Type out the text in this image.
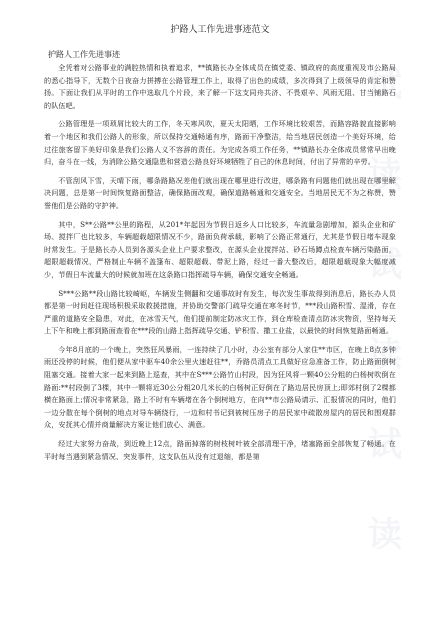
试 读 试 读 试 读
护路人工作先进事迹范文
护路人工作先进事迹

全凭着对公路事业的满腔热情和执着追求，**镇路长办全体成员在镇党委、镇政府的高度重视及市公路局的悉心指导下，无数个日夜奋力拼搏在公路管理工作上，取得了出色的成绩，多次得到了上级领导的肯定和赞扬。下面让我们从平时的工作中选取几个片段，来了解一下这支同舟共济、不畏艰辛、风雨无阻、甘当铺路石的队伍吧。

公路管理是一项琐屑比较大的工作，冬天寒风吹，夏天太阳晒，工作环境比较艰苦，而路容路貌直接影响着一个地区和我们公路人的形象，所以保持交通畅通有序，路面干净整洁，给当地居民创造一个美好环境，给过往旅客留下美好印象是我们公路人义不容辞的责任。为完成各项工作任务，**镇路长办全体成员常常早出晚归，奋斗在一线，为消除公路交通隐患和营造公路良好环境牺牲了自己的休息时间，付出了异常的辛劳。

不管刮风下雪，天晴下雨，哪条路路况差他们就出现在哪里进行改进，哪条路有问题他们就出现在哪里解决问题，总是第一时间恢复路面整洁，确保路面改观，确保道路畅通和交通安全。当地居民无不为之称赞，赞誉他们是公路的守护神。

其中，S**公路**公里的路程，从201*年起因为节假日返乡人口比较多，车流量急剧增加，源头企业和矿场、搅拌厂也比较多，车辆超载超限情况不少，路面负荷承载，影响了公路正常通行，尤其是节假日堵车现象时常发生。于是路长办人员到各源头企业上户要求整改，在源头企业搅拌站、砂石场蹲点检查车辆污染路面，超限超载情况，严格制止车辆不盖篷布、超限超载、带泥上路，经过一番大整改后，超限超载现象大幅度减少，节假日车流量大的时候就加班在这条路口指挥疏导车辆，确保交通安全畅通。

S***公路**段山路比较崎岖，车辆发生侧翻和交通事故时有发生，每次发生事故得到消息后，路长办人员都是第一时间赶往现场积极采取救援措施，并协助交警部门疏导交通在寒冬时节，***段山路积雪、湿滑，存在严重的道路安全隐患，对此，在冰雪天气，他们提前制定防冰灾工作，到仓库检查清点防冰灾物资，坚持每天上下午和晚上都到路面查看在***段的山路上指挥疏导交通、铲积雪、撒工业盐，以最快的时间恢复路面畅通。

今年8月底的一个晚上，突然狂风暴雨，一连持续了几小时，办公室有部分人家住**市区，在晚上8点多钟雨还没停的时候，他们便从家中驱车40余公里火速赶往**，乔路员清点工具做好应急准备工作，防止路面倒树阻塞交通。接着大家一起来到路上巡查，其中在S***公路竹山村段，因为狂风将一颗40公分粗的白杨树吹倒在路面:**村段倒了3棵，其中一颗将近30公分粗20几米长的白杨树正好倒在了路边居民房顶上;即郊村倒了2棵都横在路面上;情况非常紧急，路上不时有车辆堵在各个倒树地方，在向**市公路局请示、汇报情况的同时，他们一边分散在每个倒树的地点对导车辆绕行，一边和村书记到被树压房子的居民家中疏散房屋内的居民和围观群众，安抚其心情并商量解决方案让他们放心、满意。

经过大家努力奋战，到近晚上12点，路面掉落的树枝树叶被全部清理干净，堵塞路面全部恢复了畅通。在平时每当遇到紧急情况、突发事件，这支队伍从没有过退缩，都是第
